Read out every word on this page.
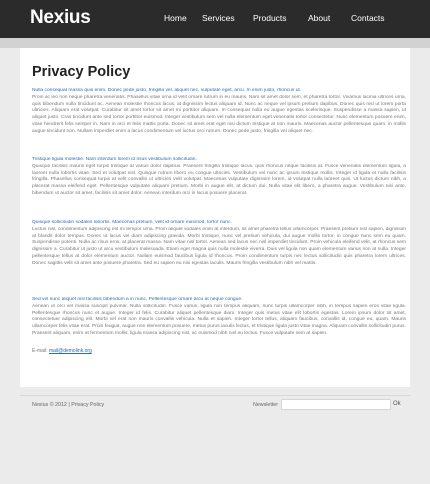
Nexius	Home Services Products	About Contacts
Privacy Policy
Nulla consequat massa quis enim. Donec pede justo, fringilla vel, aliquet nec, vulputate eget, arcu. In enim justo, rhoncus ut.
Proin ac leo non neque pharetra venenatis. Phasellus vitae urna id velit ornare rutrum in eu mauris. Nam sit amet dolor sem, et pharetra tortor. Vivamus lacinia ultrices urna, quis bibendum nulla tincidunt ac. Aenean molestie rhoncus lacus, at dignissim lectus aliquam id. Nunc ac neque vel ipsum pretium dapibus. Donec quis nisl ut lorem porta ultricies. Aliquam erat volutpat. Curabitur sit amet tortor sit amet mi porttitor aliquam. In consequat nulla eu augue egestas scelerisque. Suspendisse a massa sapien, ut aliquet justo. Cras tincidunt ante sed tortor porttitor euismod. Integer vestibulum sem vel nulla elementum eget venenatis tortor consectetur. Nunc elementum posuere enim, vitae hendrerit felis semper in. Nam in orci et felis mattis porta. Donec sit amet erat eget nisi dictum tristique at non mauris. Maecenas auctor pellentesque quam, in mollis augue tincidunt non. Nullam imperdiet enim a lacus condimentum vel luctus orci rutrum. Donec pede justo, fringilla vel aliquet nec.
Tristique ligula molestie. Nam interdum lorem id risus vestibulum sollicitudin.
Quisque facilisis mauris eget turpis tristique at varius dolor dapibus. Praesent fringilla tristique lacus, quis rhoncus neque facilisis at. Fusce venenatis elementum ligula, a laoreet nulla lobortis vitae. Sed et volutpat nisl. Quisque rutrum libero eu congue ultricies. Vestibulum vel nunc ac ipsum tristique mollis. Integer id ligula et nulla facilisis fringilla. Phasellus consequat turpis at velit convallis ut ultricies velit volutpat. Maecenas vulputate dignissim lorem, id volutpat nulla laoreet quis. Ut luctus dictum nibh, a placerat massa eleifend eget. Pellentesque vulputate aliquam pretium. Morbi in augue elit, at dictum dui. Nulla vitae elit libero, a pharetra augue. Vestibulum nisi ante, bibendum ut auctor sit amet, facilisis sit amet dolor. Aenean interdum orci in lacus posuere placerat.
Quisque sollicitudin sodales lobortis. Maecenas pretium, velit id ornare euismod, tortor nunc.
Luctus nisl, condimentum adipiscing elit mi tempor urna. Proin aliquet sodales enim at interdum, sit amet pharetra tellus ullamcorper. Praesent pretium nisl sapien, dignissim at blandit dolor tempus. Donec ut lacus vel diam adipiscing gravida. Morbi tristique, nunc vel pretium vehicula, dui augue mollis tortor, in congue nunc sem eu quam. Suspendisse potenti. Nulla ac risus eros, at placerat massa. Nam vitae nisl tortor. Aenean sed lacus nec nisl imperdiet tincidunt. Proin vehicula eleifend velit, at rhoncus sem dignissim a. Curabitur ut justo ut arcu vestibulum malesuada. Etiam eget magna quis nulla molestie viverra. Duis vel ligula non quam elementum varius non at nulla. Integer pellentesque tellus at dolor elementum auctor. Nullam euismod faucibus ligula id rhoncus. Proin condimentum turpis nec lectus sollicitudin quis pharetra lorem ultrices. Donec sagittis velit sit amet ante posuere pharetra. Sed eu sapien eu nisi egestas iaculis. Mauris fringilla vestibulum nibh vel mattis.
Sed vel nunc aliquet nisl facilisis bibendum a in nunc. Pellentesque ornare arcu at neque congue.
Aenean ut orci vel massa suscipit pulvinar. Nulla sollicitudin. Fusce varius, ligula non tempus aliquam, nunc turpis ullamcorper nibh, in tempus sapien eros vitae ligula. Pellentesque rhoncus nunc et augue. Integer id felis. Curabitur aliquet pellentesque diam. Integer quis metus vitae elit lobortis egestas. Lorem ipsum dolor sit amet, consectetuer adipiscing elit. Morbi vel erat non mauris convallis vehicula. Nulla et sapien. Integer tortor tellus, aliquam faucibus, convallis id, congue eu, quam. Mauris ullamcorper felis vitae erat. Proin feugiat, augue non elementum posuere, metus purus iaculis lectus, et tristique ligula justo vitae magna. Aliquam convallis sollicitudin purus. Praesent aliquam, enim at fermentum mollis, ligula massa adipiscing nisl, ac euismod nibh nisl eu lectus. Fusce vulputate sem at sapien.
E-mail: mail@demolink.org
Nexius © 2012 | Privacy Policy	Newsletter	Ok
